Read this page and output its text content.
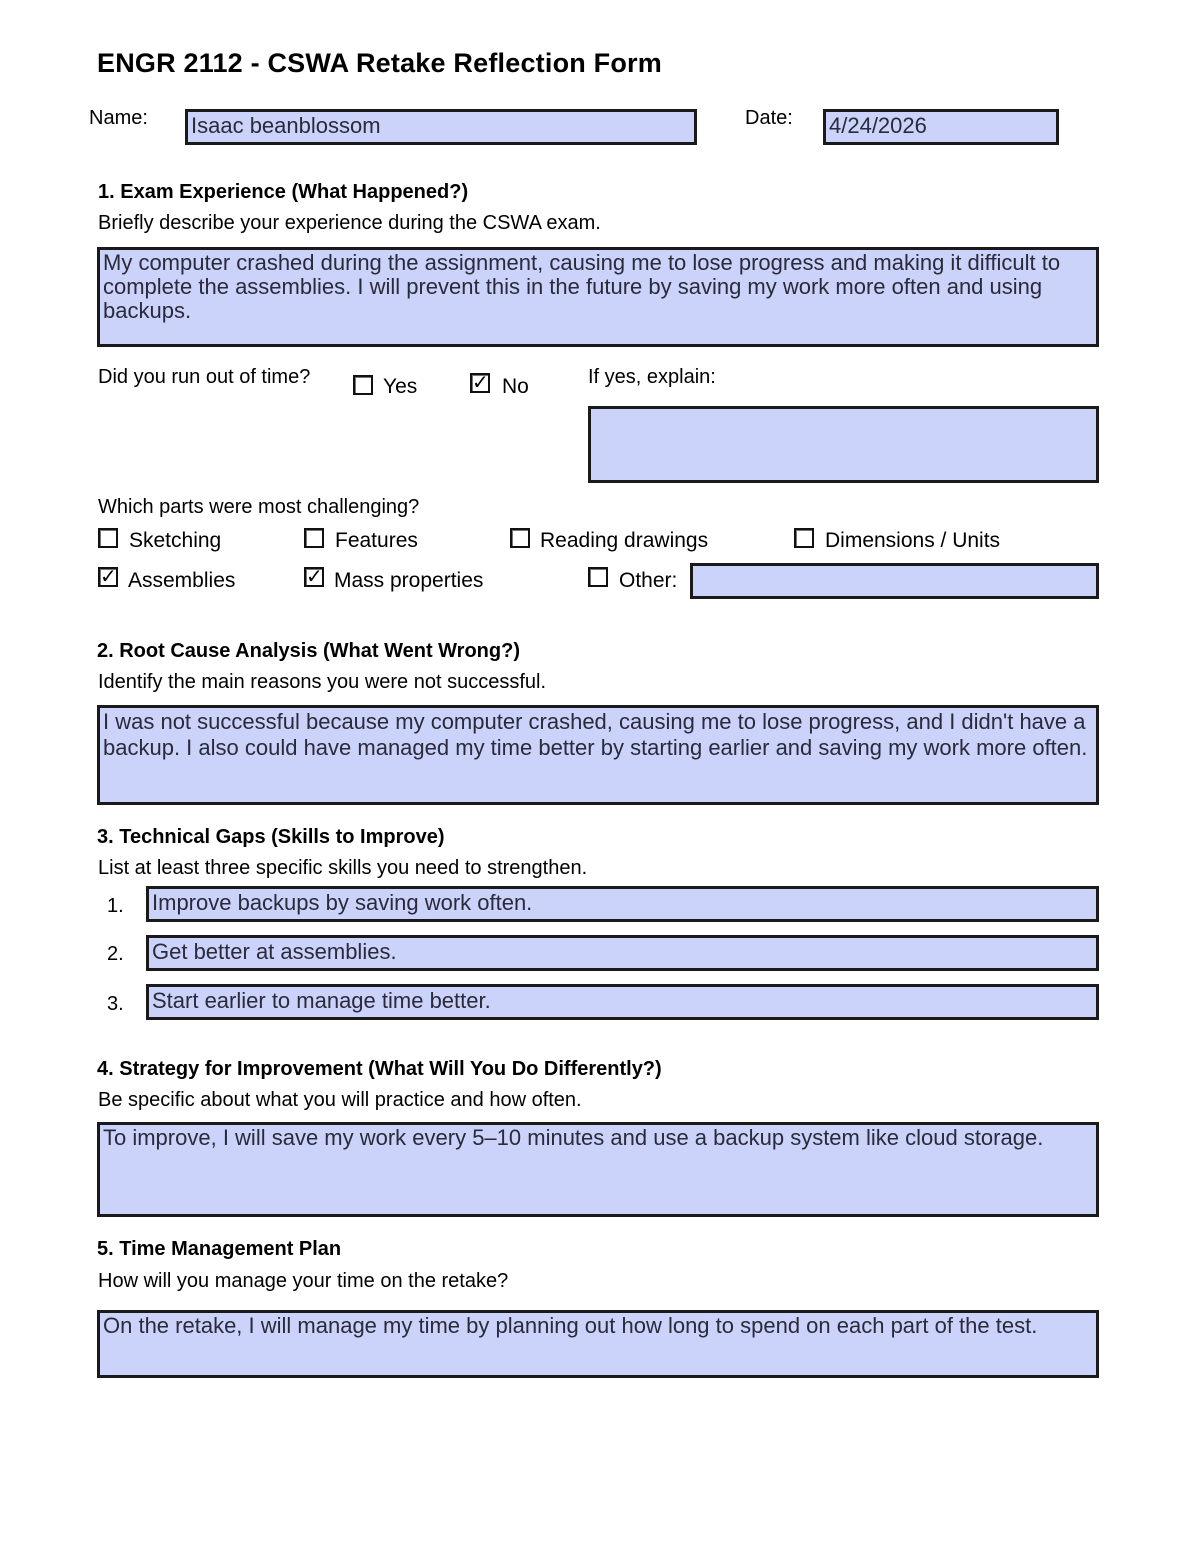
ENGR 2112 - CSWA Retake Reflection Form
Name: Isaac beanblossom	Date: 4/24/2026
1. Exam Experience (What Happened?)
Briefly describe your experience during the CSWA exam.
My computer crashed during the assignment, causing me to lose progress and making it difficult to complete the assemblies. I will prevent this in the future by saving my work more often and using backups.
Did you run out of time?	Yes	✓ No	If yes, explain:
Which parts were most challenging?
Sketching	Features	Reading drawings	Dimensions / Units
✓ Assemblies	✓ Mass properties	Other:
2. Root Cause Analysis (What Went Wrong?)
Identify the main reasons you were not successful.
I was not successful because my computer crashed, causing me to lose progress, and I didn't have a backup. I also could have managed my time better by starting earlier and saving my work more often.
3. Technical Gaps (Skills to Improve)
List at least three specific skills you need to strengthen.
1. Improve backups by saving work often.
2. Get better at assemblies.
3. Start earlier to manage time better.
4. Strategy for Improvement (What Will You Do Differently?)
Be specific about what you will practice and how often.
To improve, I will save my work every 5–10 minutes and use a backup system like cloud storage.
5. Time Management Plan
How will you manage your time on the retake?
On the retake, I will manage my time by planning out how long to spend on each part of the test.
